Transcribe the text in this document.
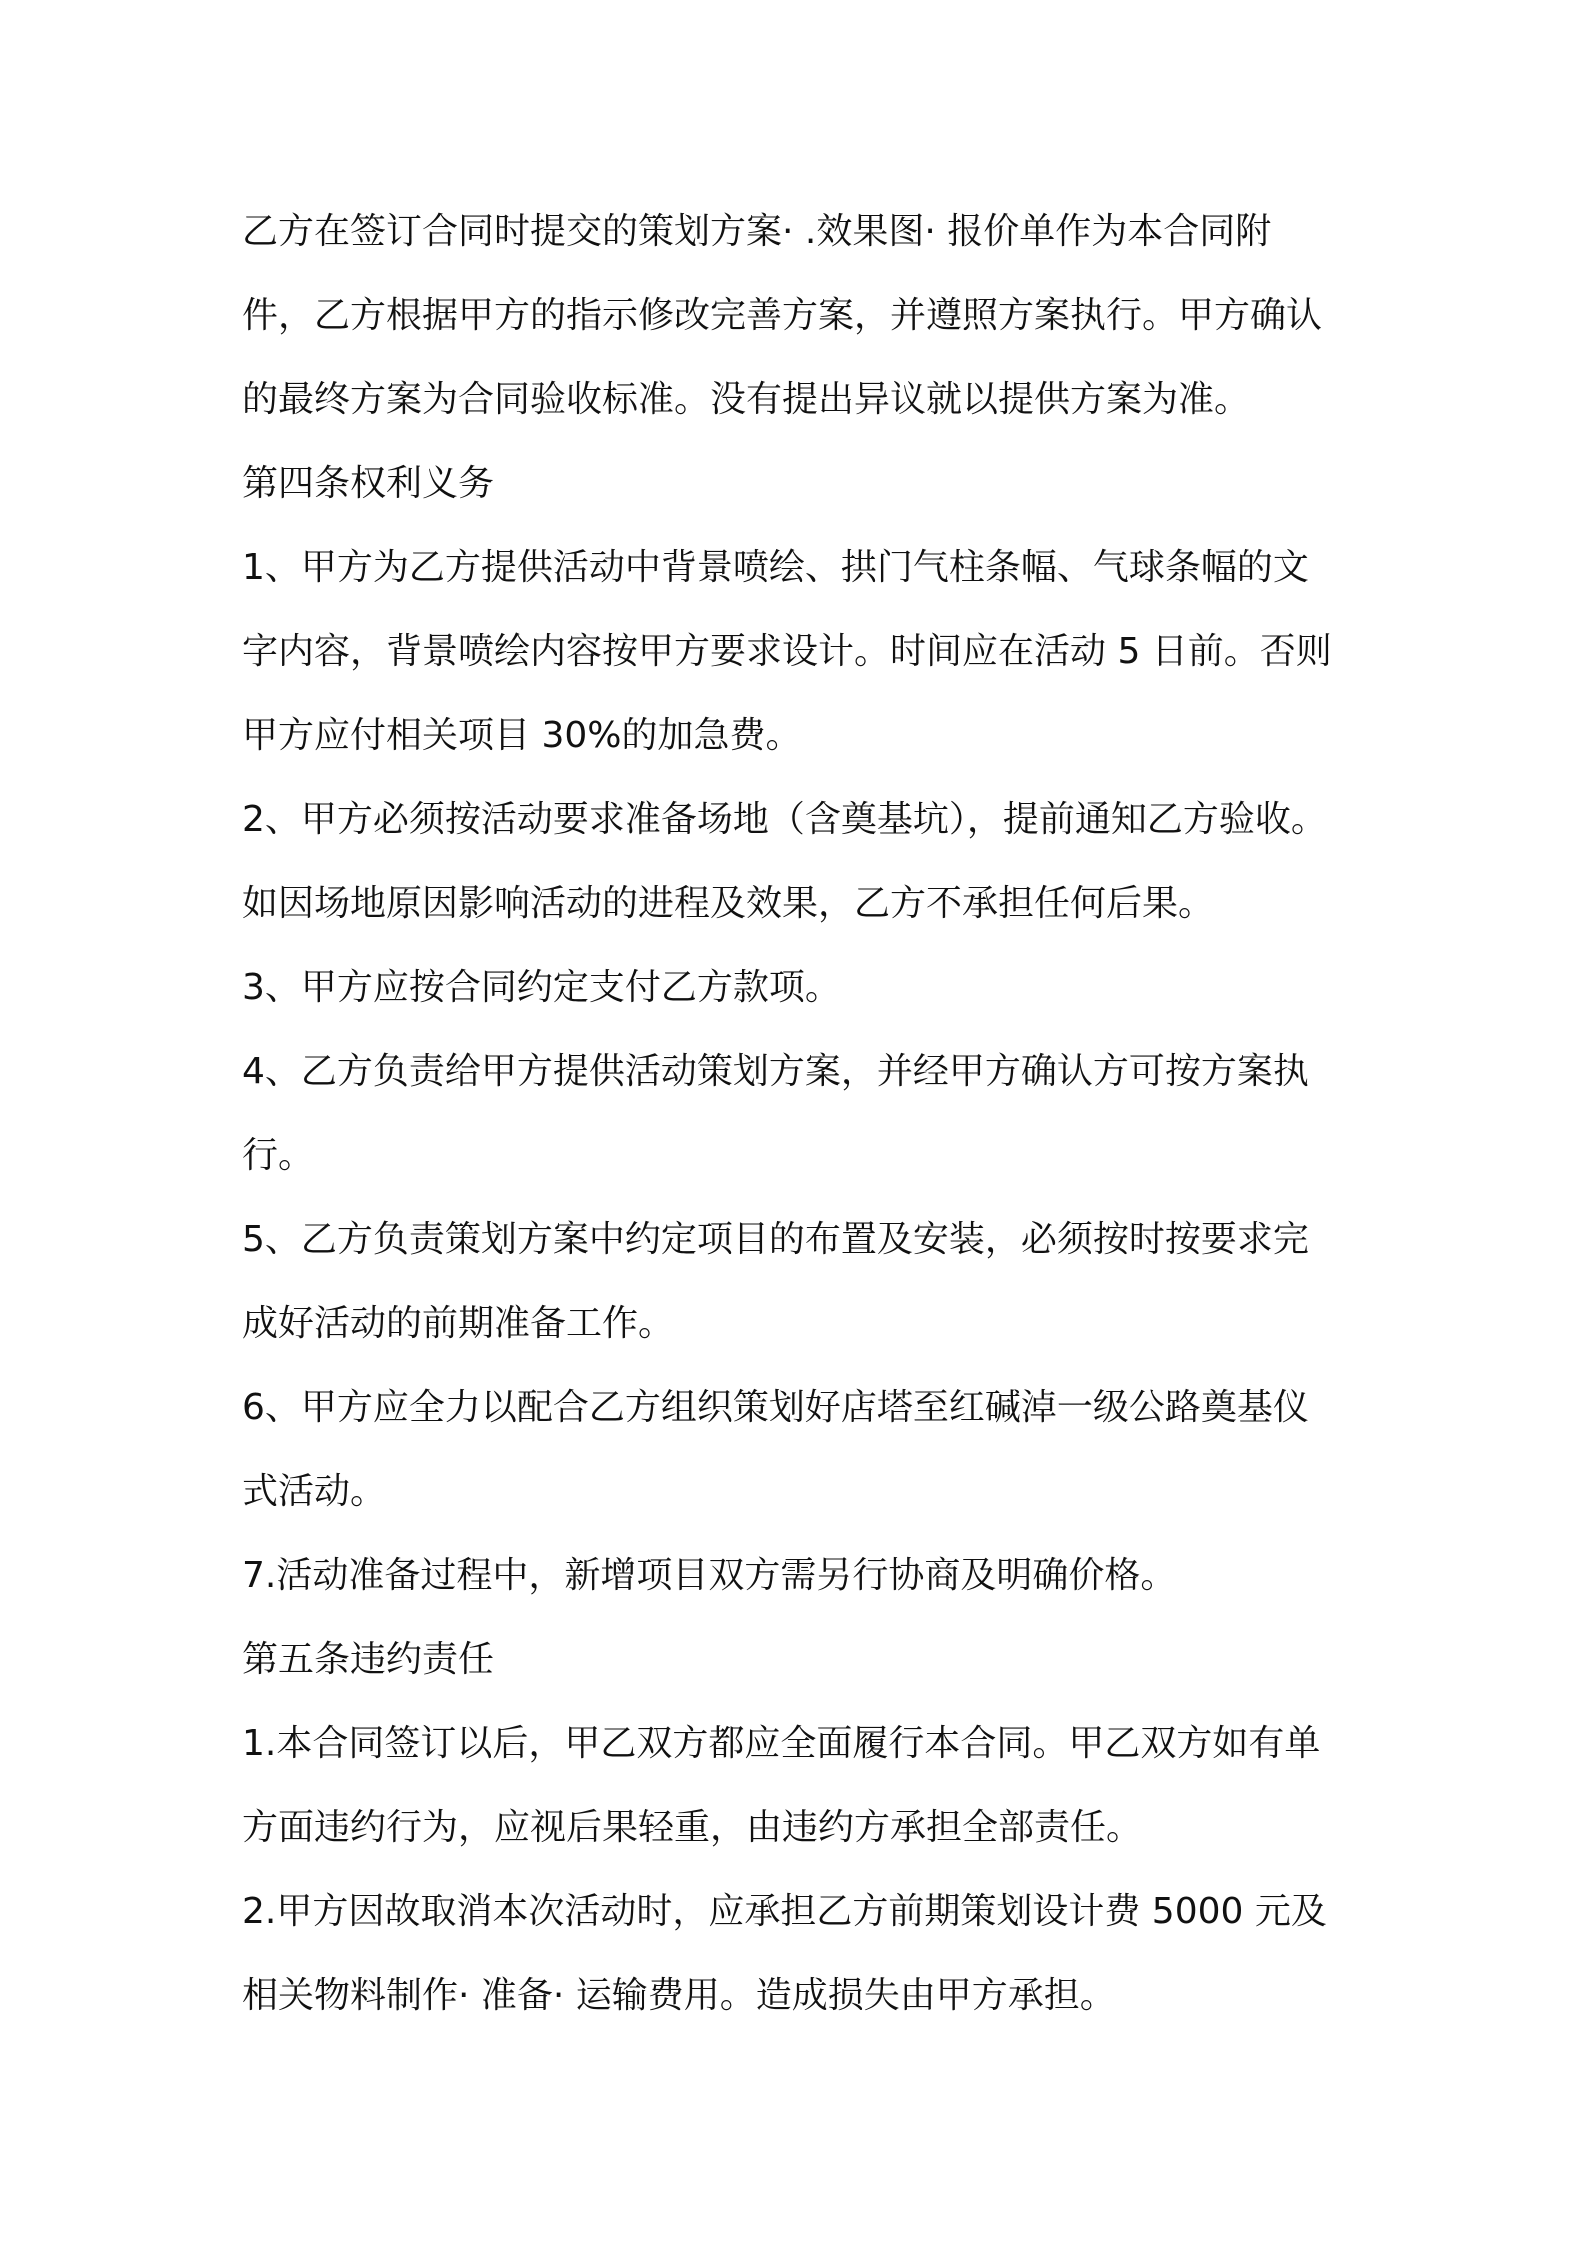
乙方在签订合同时提交的策划方案· .效果图· 报价单作为本合同附
件，乙方根据甲方的指示修改完善方案，并遵照方案执行。甲方确认
的最终方案为合同验收标准。没有提出异议就以提供方案为准。
第四条权利义务
1、甲方为乙方提供活动中背景喷绘、拱门气柱条幅、气球条幅的文
字内容，背景喷绘内容按甲方要求设计。时间应在活动 5 日前。否则
甲方应付相关项目 30%的加急费。
2、甲方必须按活动要求准备场地（含奠基坑），提前通知乙方验收。
如因场地原因影响活动的进程及效果，乙方不承担任何后果。
3、甲方应按合同约定支付乙方款项。
4、乙方负责给甲方提供活动策划方案，并经甲方确认方可按方案执
行。
5、乙方负责策划方案中约定项目的布置及安装，必须按时按要求完
成好活动的前期准备工作。
6、甲方应全力以配合乙方组织策划好店塔至红碱淖一级公路奠基仪
式活动。
7.活动准备过程中，新增项目双方需另行协商及明确价格。
第五条违约责任
1.本合同签订以后，甲乙双方都应全面履行本合同。甲乙双方如有单
方面违约行为，应视后果轻重，由违约方承担全部责任。
2.甲方因故取消本次活动时，应承担乙方前期策划设计费 5000 元及
相关物料制作· 准备· 运输费用。造成损失由甲方承担。
